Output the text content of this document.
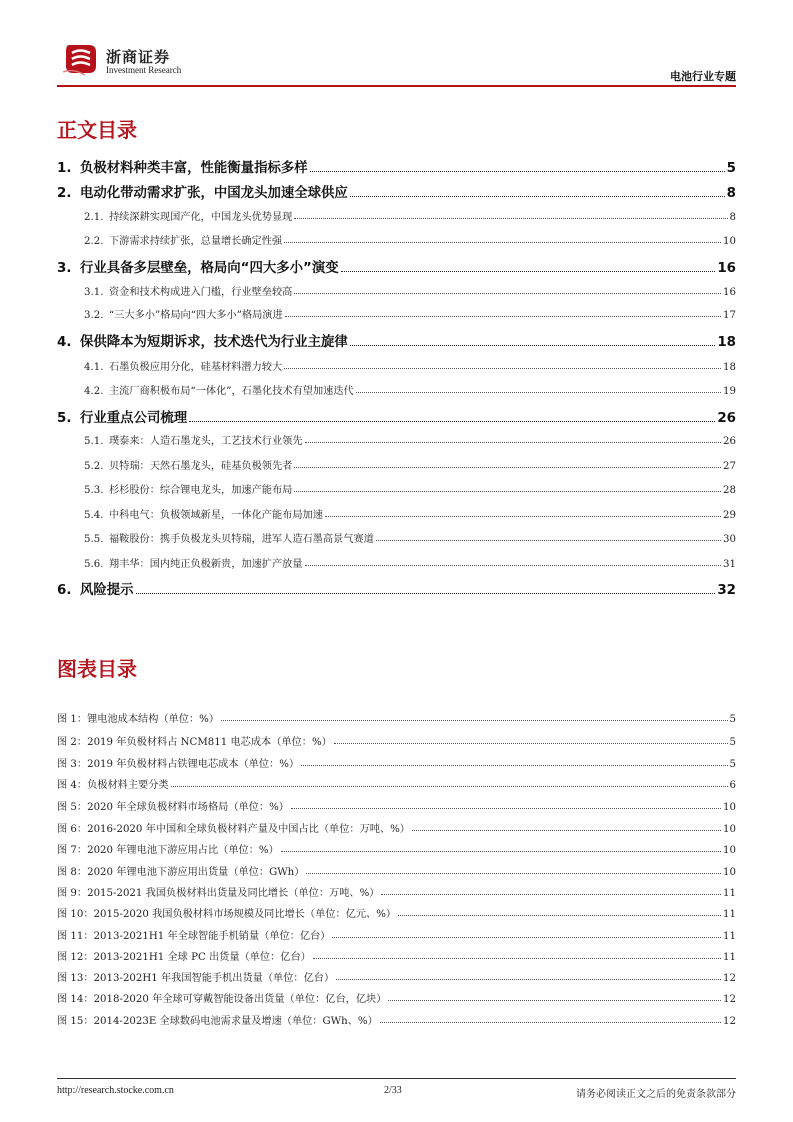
浙商证券
Investment Research	电池行业专题
正文目录
1. 负极材料种类丰富，性能衡量指标多样	5
2. 电动化带动需求扩张，中国龙头加速全球供应	8
2.1. 持续深耕实现国产化，中国龙头优势显现	8
2.2. 下游需求持续扩张，总量增长确定性强	10
3. 行业具备多层壁垒，格局向“四大多小”演变	16
3.1. 资金和技术构成进入门槛，行业壁垒较高	16
3.2. “三大多小”格局向“四大多小”格局演进	17
4. 保供降本为短期诉求，技术迭代为行业主旋律	18
4.1. 石墨负极应用分化，硅基材料潜力较大	18
4.2. 主流厂商积极布局“一体化”，石墨化技术有望加速迭代	19
5. 行业重点公司梳理	26
5.1. 璞泰来：人造石墨龙头，工艺技术行业领先	26
5.2. 贝特瑞：天然石墨龙头，硅基负极领先者	27
5.3. 杉杉股份：综合锂电龙头，加速产能布局	28
5.4. 中科电气：负极领域新星，一体化产能布局加速	29
5.5. 福鞍股份：携手负极龙头贝特瑞，进军人造石墨高景气赛道	30
5.6. 翔丰华：国内纯正负极新贵，加速扩产放量	31
6. 风险提示	32
图表目录
图 1：锂电池成本结构（单位：%）	5
图 2：2019 年负极材料占 NCM811 电芯成本（单位：%）	5
图 3：2019 年负极材料占铁锂电芯成本（单位：%）	5
图 4：负极材料主要分类	6
图 5：2020 年全球负极材料市场格局（单位：%）	10
图 6：2016-2020 年中国和全球负极材料产量及中国占比（单位：万吨、%）	10
图 7：2020 年锂电池下游应用占比（单位：%）	10
图 8：2020 年锂电池下游应用出货量（单位：GWh）	10
图 9：2015-2021 我国负极材料出货量及同比增长（单位：万吨、%）	11
图 10：2015-2020 我国负极材料市场规模及同比增长（单位：亿元、%）	11
图 11：2013-2021H1 年全球智能手机销量（单位：亿台）	11
图 12：2013-2021H1 全球 PC 出货量（单位：亿台）	11
图 13：2013-202H1 年我国智能手机出货量（单位：亿台）	12
图 14：2018-2020 年全球可穿戴智能设备出货量（单位：亿台，亿块）	12
图 15：2014-2023E 全球数码电池需求量及增速（单位：GWh、%）	12
http://research.stocke.com.cn	2/33	请务必阅读正文之后的免责条款部分
